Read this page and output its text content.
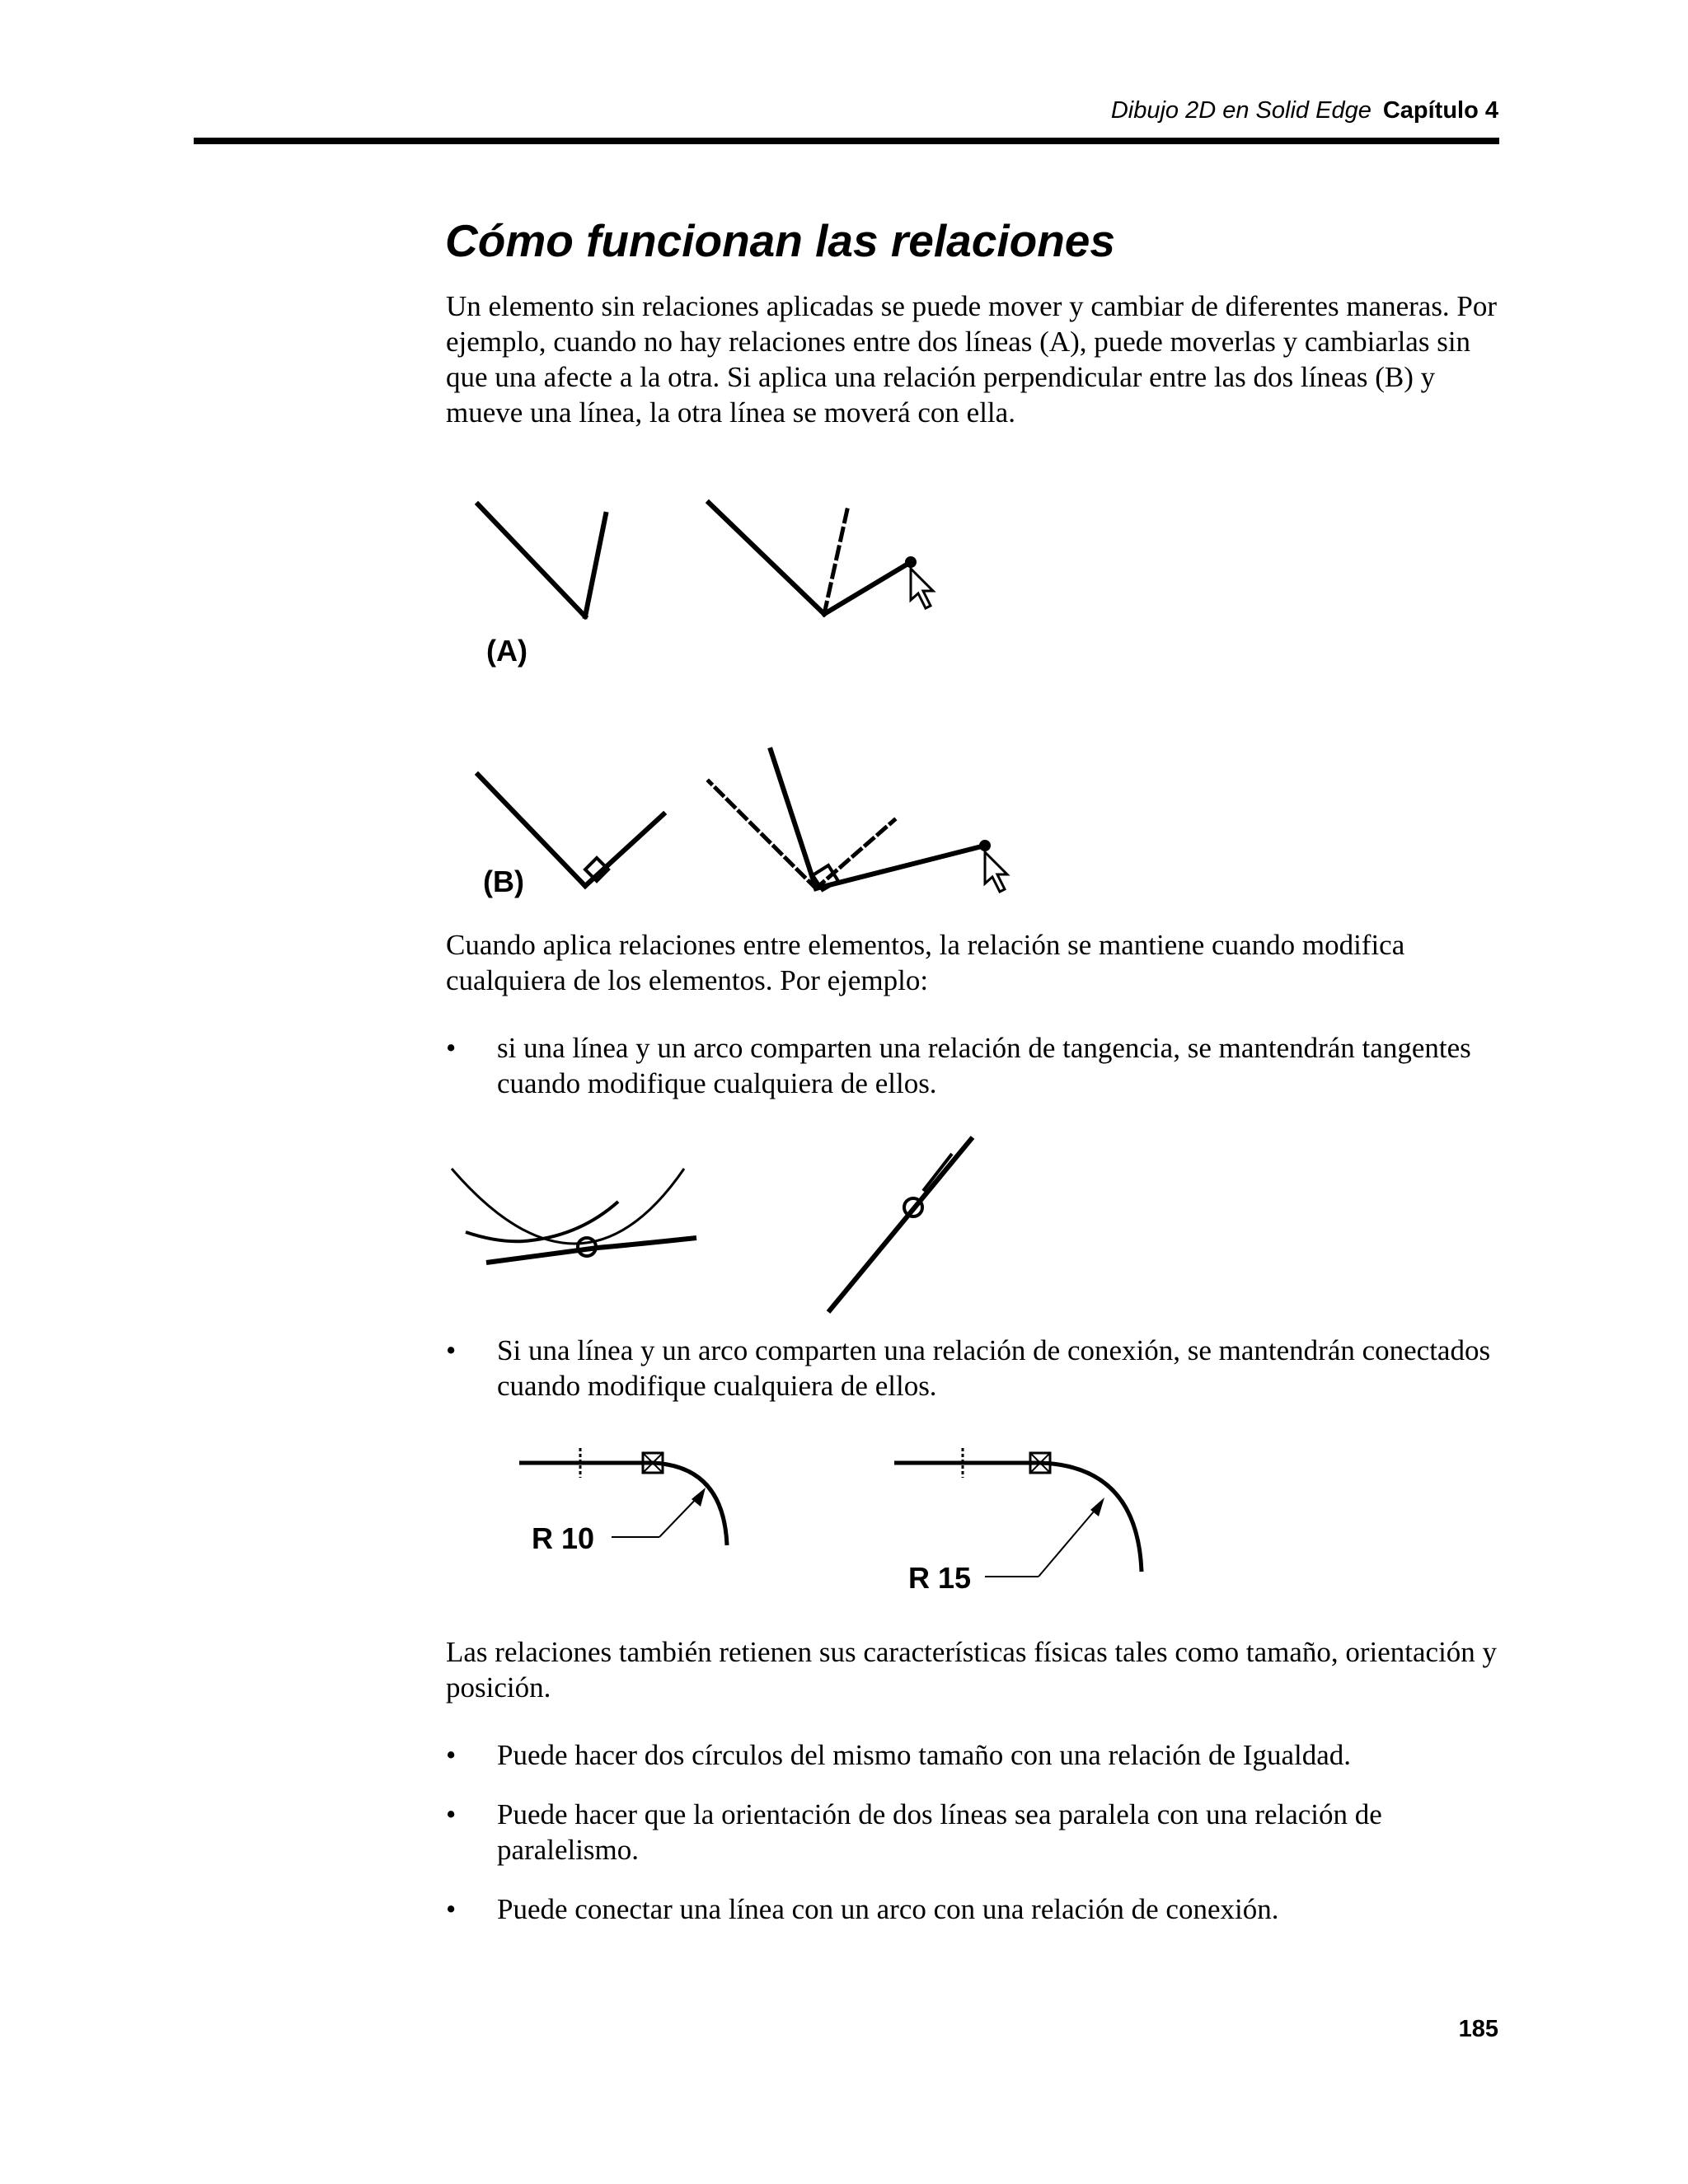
Dibujo 2D en Solid Edge Capítulo 4
Cómo funcionan las relaciones

Un elemento sin relaciones aplicadas se puede mover y cambiar de diferentes maneras. Por ejemplo, cuando no hay relaciones entre dos líneas (A), puede moverlas y cambiarlas sin que una afecte a la otra. Si aplica una relación perpendicular entre las dos líneas (B) y mueve una línea, la otra línea se moverá con ella.

(A)
(B)

Cuando aplica relaciones entre elementos, la relación se mantiene cuando modifica cualquiera de los elementos. Por ejemplo:

• si una línea y un arco comparten una relación de tangencia, se mantendrán tangentes cuando modifique cualquiera de ellos.
• Si una línea y un arco comparten una relación de conexión, se mantendrán conectados cuando modifique cualquiera de ellos.
R 10
R 15

Las relaciones también retienen sus características físicas tales como tamaño, orientación y posición.

• Puede hacer dos círculos del mismo tamaño con una relación de Igualdad.
• Puede hacer que la orientación de dos líneas sea paralela con una relación de paralelismo.
• Puede conectar una línea con un arco con una relación de conexión.
185
